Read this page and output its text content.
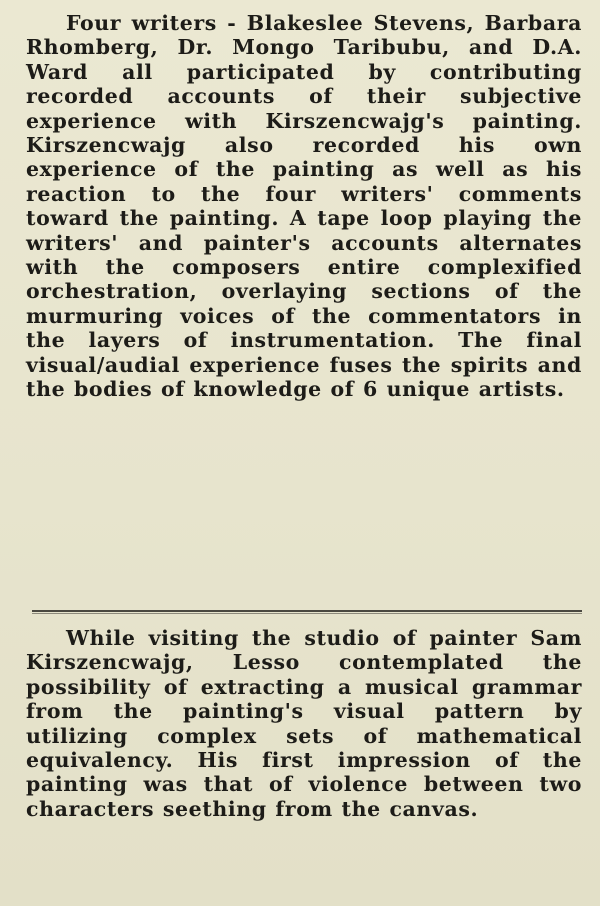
Four writers - Blakeslee Stevens, Barbara Rhomberg, Dr. Mongo Taribubu, and D.A. Ward all participated by contributing recorded accounts of their subjective experience with Kirszencwajg's painting. Kirszencwajg also recorded his own experience of the painting as well as his reaction to the four writers' comments toward the painting. A tape loop playing the writers' and painter's accounts alternates with the composers entire complexified orchestration, overlaying sections of the murmuring voices of the commentators in the layers of instrumentation. The final visual/audial experience fuses the spirits and the bodies of knowledge of 6 unique artists.

While visiting the studio of painter Sam Kirszencwajg, Lesso contemplated the possibility of extracting a musical grammar from the painting's visual pattern by utilizing complex sets of mathematical equivalency. His first impression of the painting was that of violence between two characters seething from the canvas.
